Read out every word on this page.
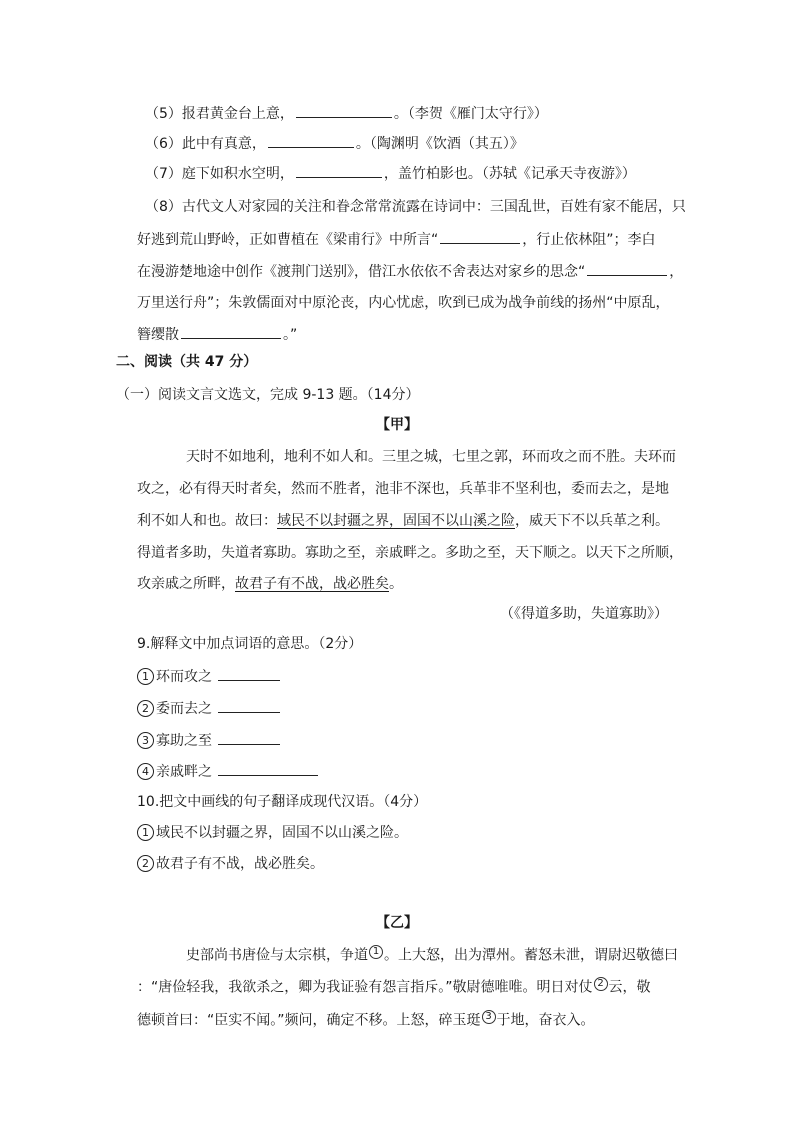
（5）报君黄金台上意，	。（李贺《雁门太守行》）
（6）此中有真意，	。（陶渊明《饮酒（其五）》
（7）庭下如积水空明，	，盖竹柏影也。（苏轼《记承天寺夜游》）
（8）古代文人对家园的关注和眷念常常流露在诗词中：三国乱世，百姓有家不能居，只
好逃到荒山野岭，正如曹植在《梁甫行》中所言“	，行止依林阻”；李白
在漫游楚地途中创作《渡荆门送别》，借江水依依不舍表达对家乡的思念“	，
万里送行舟”；朱敦儒面对中原沦丧，内心忧虑，吹到已成为战争前线的扬州“中原乱，
簪缨散	。”
二、阅读（共 47 分）
（一）阅读文言文选文，完成 9-13 题。（14分）
【甲】
天时不如地利，地利不如人和。三里之城，七里之郭，环而攻之而不胜。夫环而
攻之，必有得天时者矣，然而不胜者，池非不深也，兵革非不坚利也，委而去之，是地
利不如人和也。故曰：域民不以封疆之界，固国不以山溪之险，威天下不以兵革之利。
得道者多助，失道者寡助。寡助之至，亲戚畔之。多助之至，天下顺之。以天下之所顺，
攻亲戚之所畔，故君子有不战，战必胜矣。
（《得道多助，失道寡助》）
9.解释文中加点词语的意思。（2分）
1 环而攻之
2 委而去之
3 寡助之至
4 亲戚畔之
10.把文中画线的句子翻译成现代汉语。（4分）
1 域民不以封疆之界，固国不以山溪之险。
2 故君子有不战，战必胜矣。
【乙】
史部尚书唐俭与太宗棋，争道 $^1$ 。上大怒，出为潭州。蓄怒未泄，谓尉迟敬德曰
：“唐俭轻我，我欲杀之，卿为我证验有怨言指斥。”敬尉德唯唯。明日对仗 $^2$ 云，敬
德顿首曰：“臣实不闻。”频问，确定不移。上怒，碎玉珽 $^3$ 于地，奋衣入。
